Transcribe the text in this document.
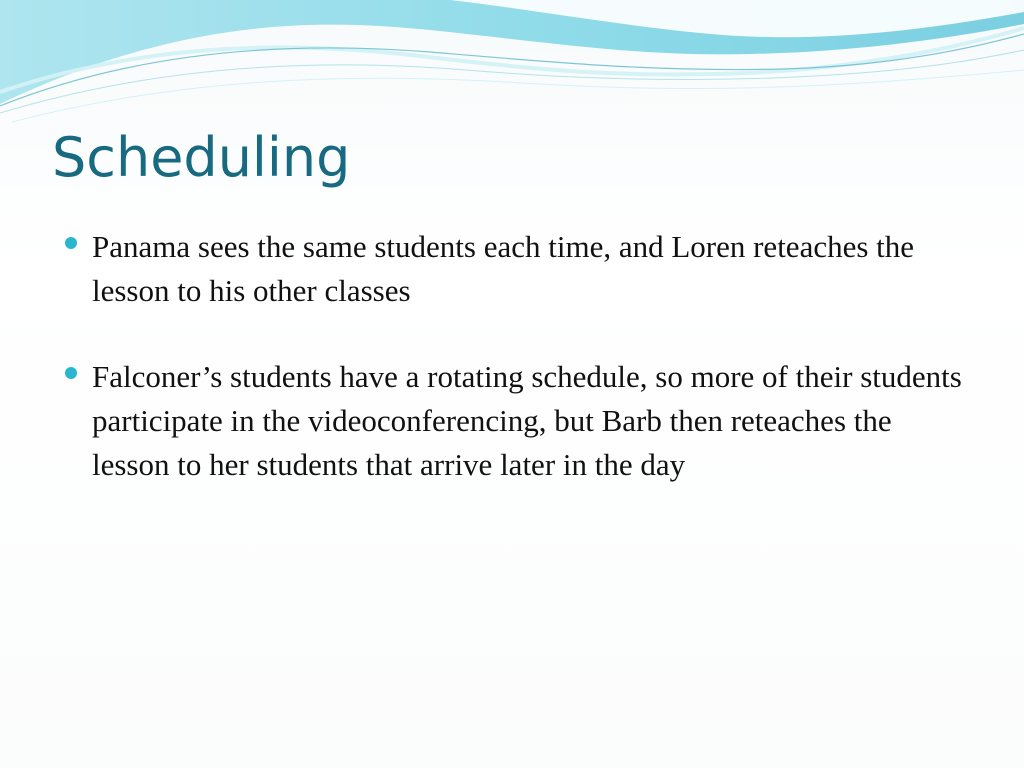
Scheduling
Panama sees the same students each time, and Loren reteaches the lesson to his other classes
Falconer’s students have a rotating schedule, so more of their students participate in the videoconferencing, but Barb then reteaches the lesson to her students that arrive later in the day
